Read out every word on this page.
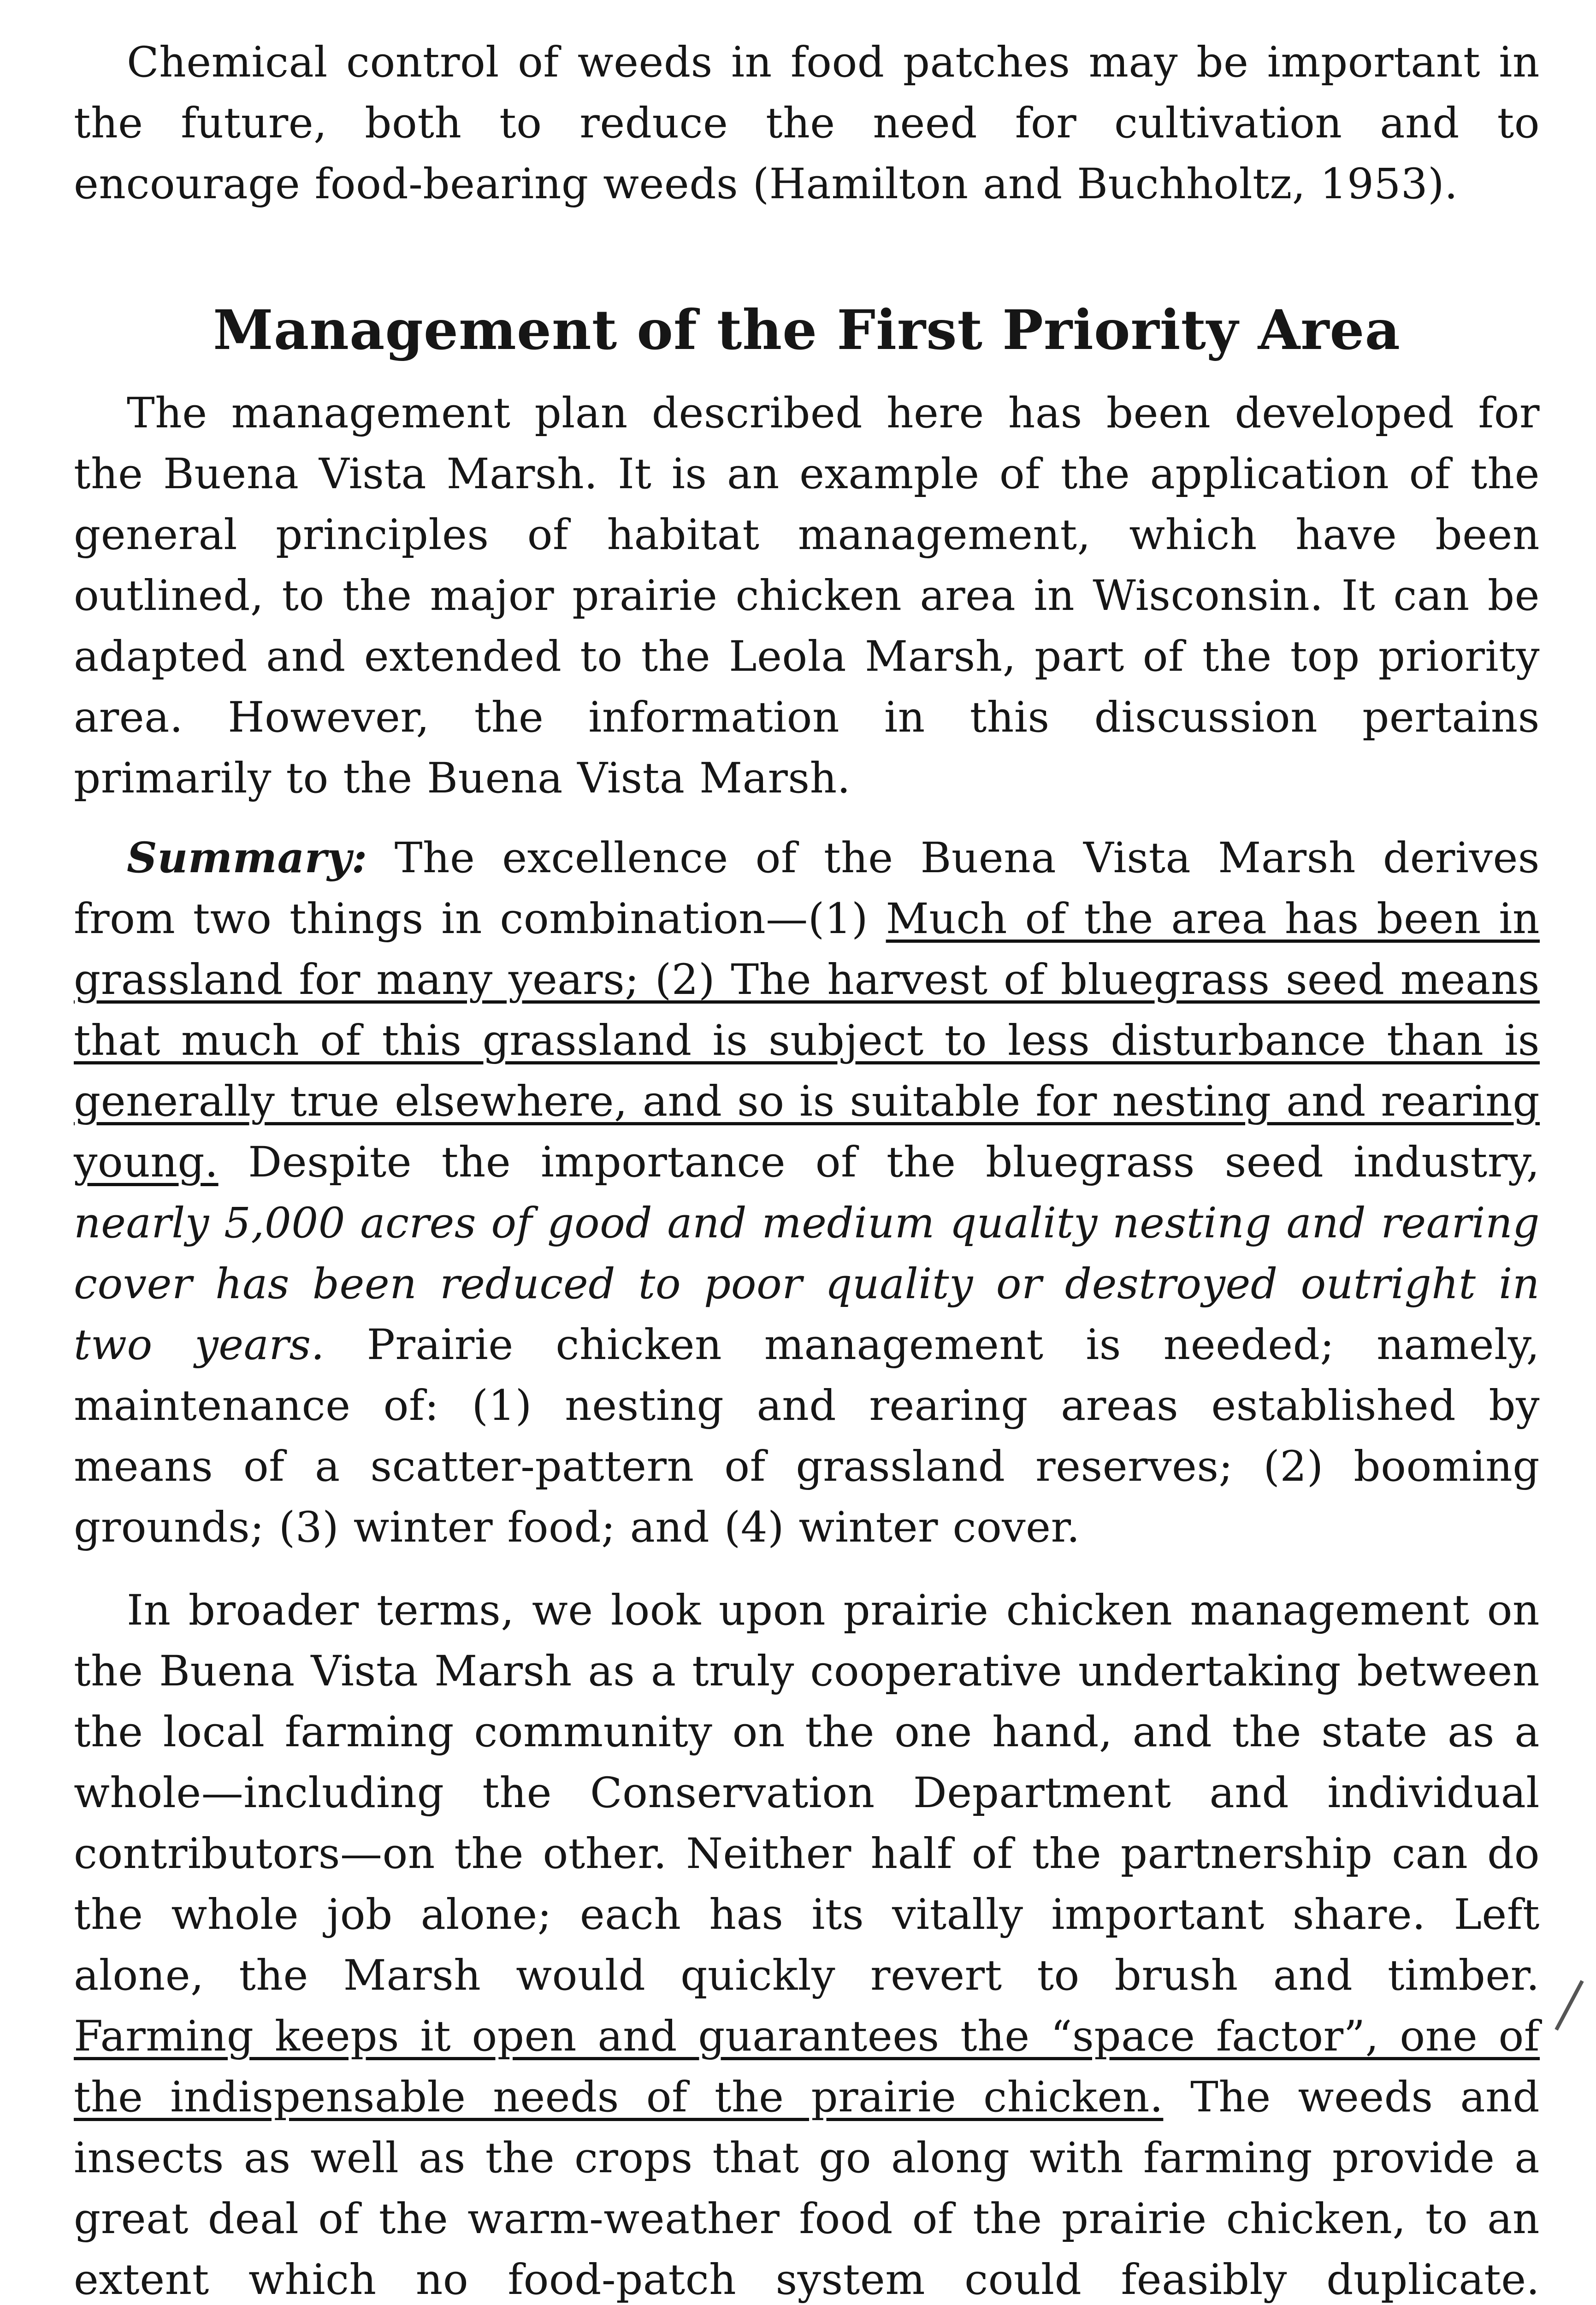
Chemical control of weeds in food patches may be important in the future, both to reduce the need for cultivation and to encourage food-bearing weeds (Hamilton and Buchholtz, 1953).

Management of the First Priority Area

The management plan described here has been developed for the Buena Vista Marsh. It is an example of the application of the general principles of habitat management, which have been outlined, to the major prairie chicken area in Wisconsin. It can be adapted and extended to the Leola Marsh, part of the top priority area. However, the information in this discussion pertains primarily to the Buena Vista Marsh.

Summary: The excellence of the Buena Vista Marsh derives from two things in combination—(1) Much of the area has been in grassland for many years; (2) The harvest of bluegrass seed means that much of this grassland is subject to less disturbance than is generally true elsewhere, and so is suitable for nesting and rearing young. Despite the importance of the bluegrass seed industry, nearly 5,000 acres of good and medium quality nesting and rearing cover has been reduced to poor quality or destroyed outright in two years. Prairie chicken management is needed; namely, maintenance of: (1) nesting and rearing areas established by means of a scatter-pattern of grassland reserves; (2) booming grounds; (3) winter food; and (4) winter cover.

In broader terms, we look upon prairie chicken management on the Buena Vista Marsh as a truly cooperative undertaking between the local farming community on the one hand, and the state as a whole—including the Conservation Department and individual contributors—on the other. Neither half of the partnership can do the whole job alone; each has its vitally important share. Left alone, the Marsh would quickly revert to brush and timber. Farming keeps it open and guarantees the “space factor”, one of the indispensable needs of the prairie chicken. The weeds and insects as well as the crops that go along with farming provide a great deal of the warm-weather food of the prairie chicken, to an extent which no food-patch system could feasibly duplicate.
